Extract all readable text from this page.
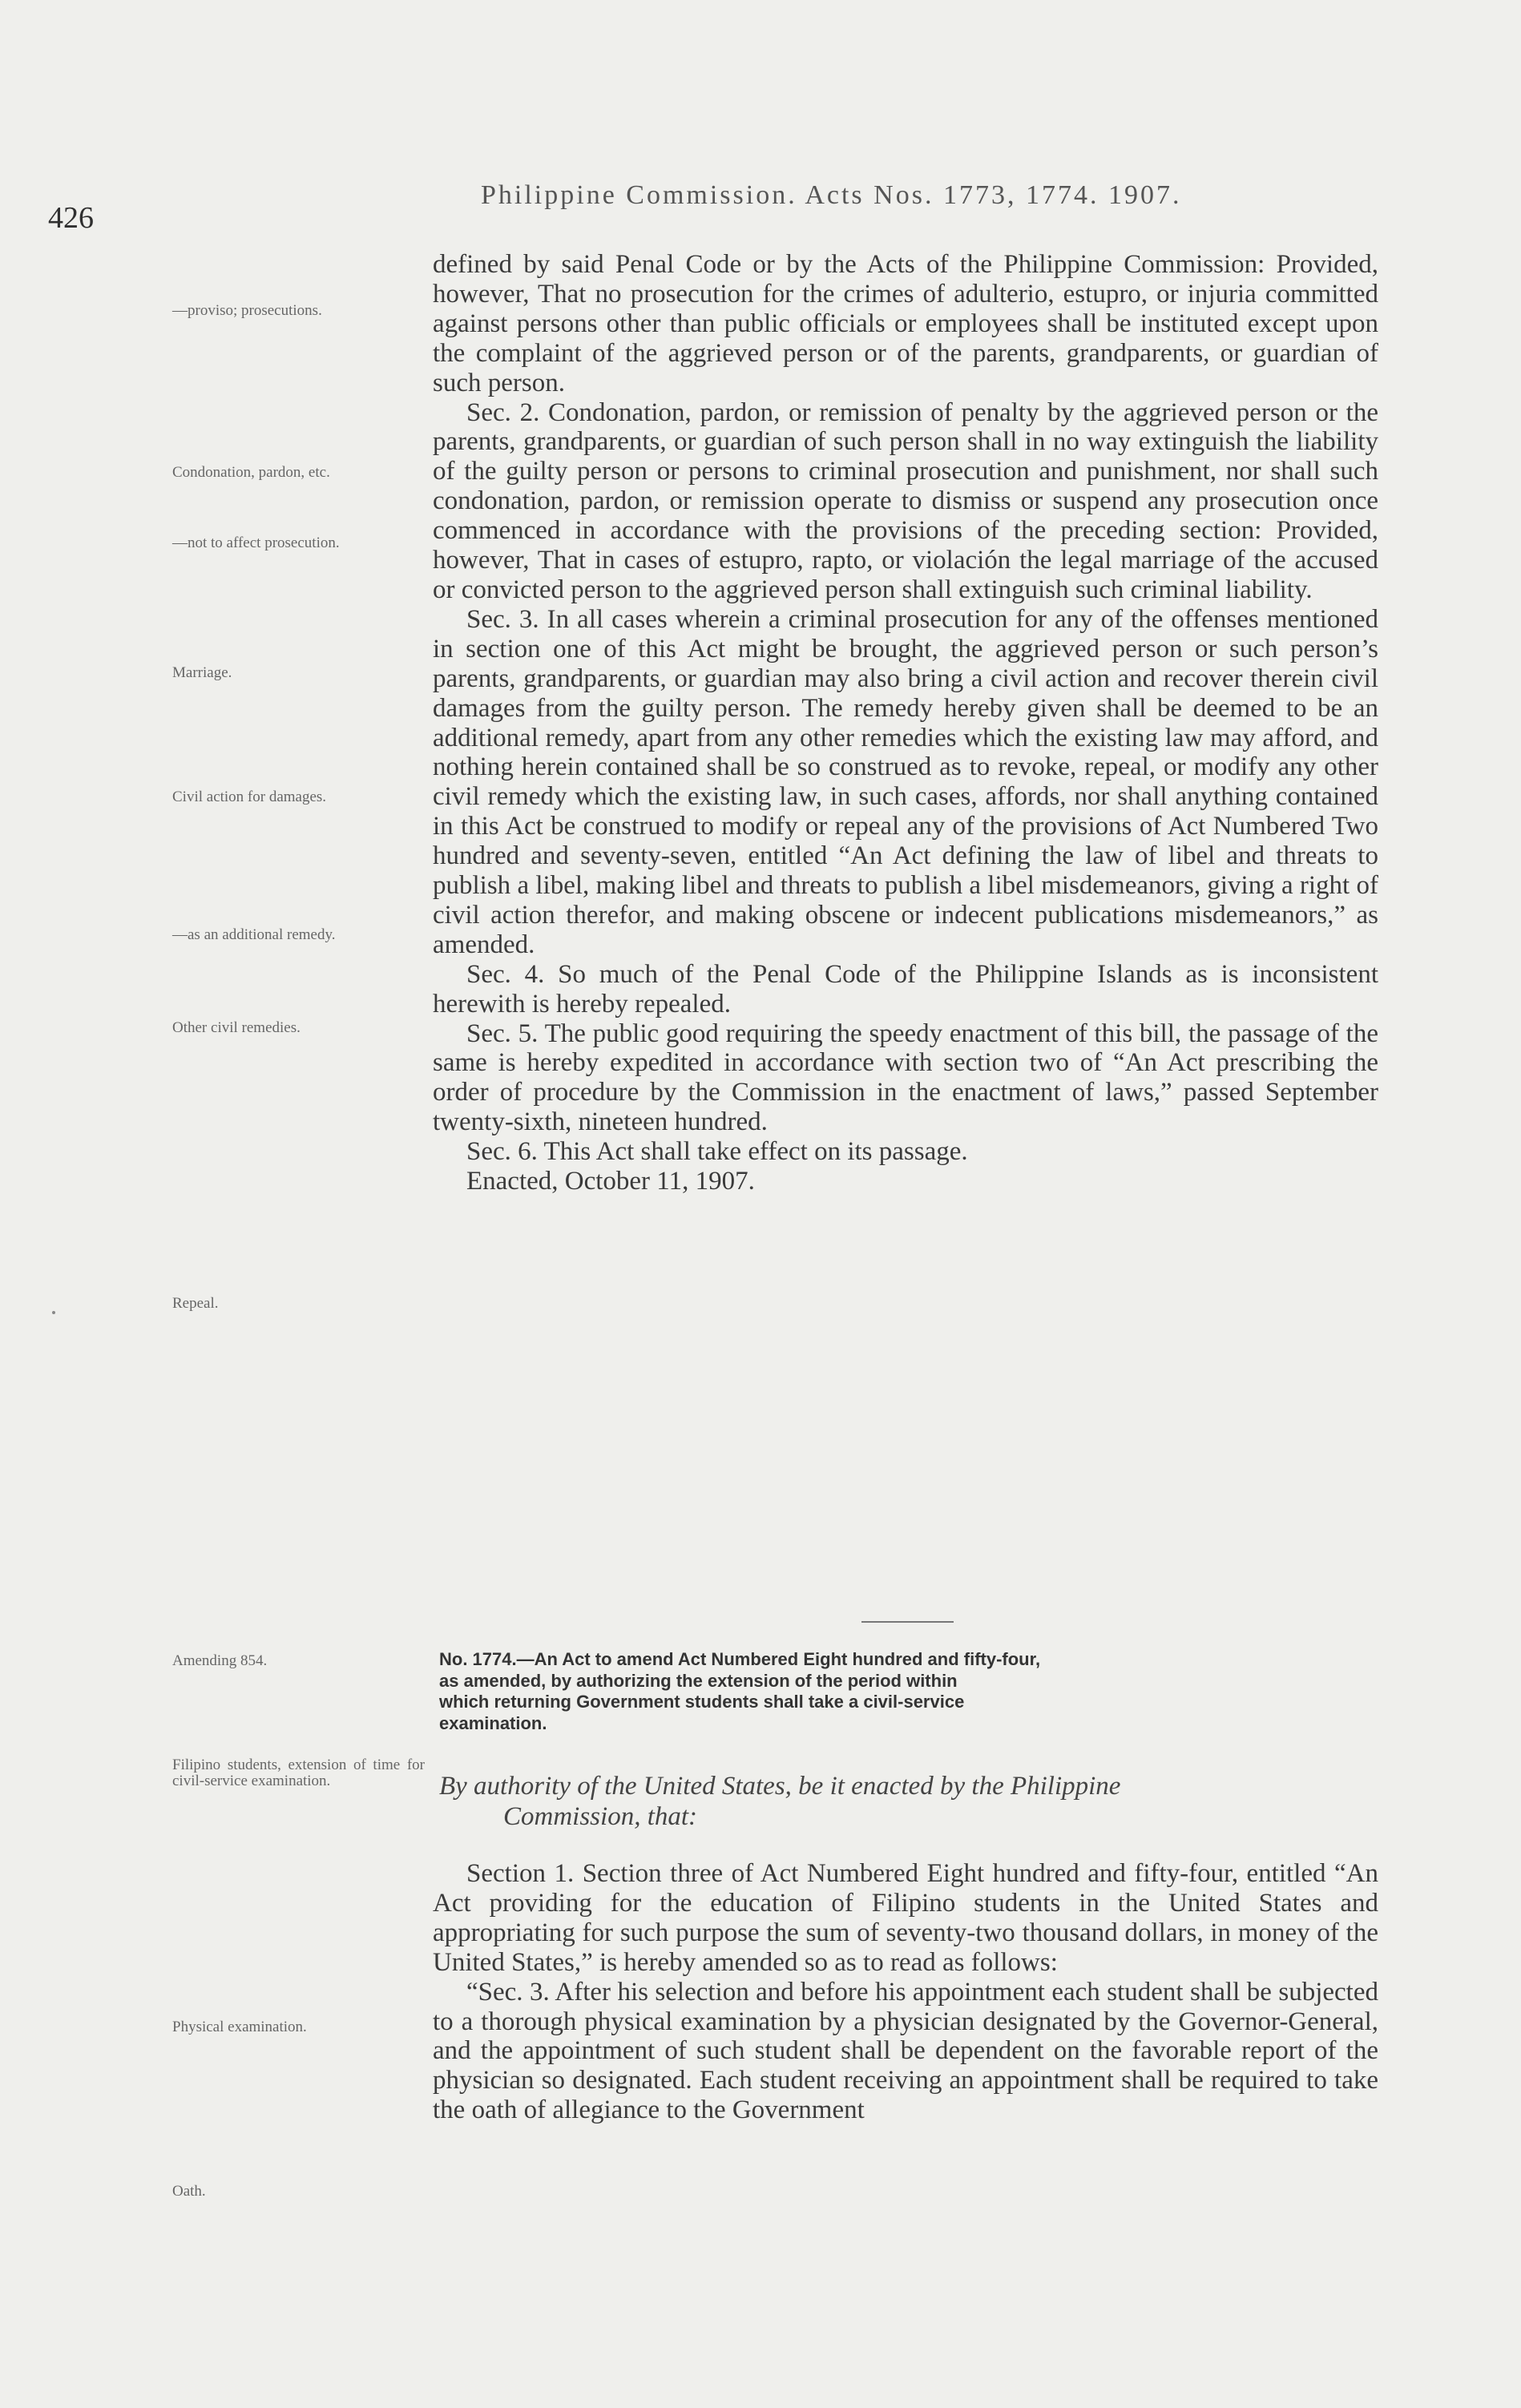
426
Philippine Commission. Acts Nos. 1773, 1774. 1907.
—proviso; prosecutions.
Condonation, pardon, etc.
—not to affect prosecution.
Marriage.
Civil action for damages.
—as an additional remedy.
Other civil remedies.
Repeal.
Amending 854.
Filipino students, extension of time for civil-service examination.
Physical examination.
Oath.

defined by said Penal Code or by the Acts of the Philippine Commission: Provided, however, That no prosecution for the crimes of adulterio, estupro, or injuria committed against persons other than public officials or employees shall be instituted except upon the complaint of the aggrieved person or of the parents, grandparents, or guardian of such person.

Sec. 2. Condonation, pardon, or remission of penalty by the aggrieved person or the parents, grandparents, or guardian of such person shall in no way extinguish the liability of the guilty person or persons to criminal prosecution and punishment, nor shall such condonation, pardon, or remission operate to dismiss or suspend any prosecution once commenced in accordance with the provisions of the preceding section: Provided, however, That in cases of estupro, rapto, or violación the legal marriage of the accused or convicted person to the aggrieved person shall extinguish such criminal liability.

Sec. 3. In all cases wherein a criminal prosecution for any of the offenses mentioned in section one of this Act might be brought, the aggrieved person or such person’s parents, grandparents, or guardian may also bring a civil action and recover therein civil damages from the guilty person. The remedy hereby given shall be deemed to be an additional remedy, apart from any other remedies which the existing law may afford, and nothing herein contained shall be so construed as to revoke, repeal, or modify any other civil remedy which the existing law, in such cases, affords, nor shall anything contained in this Act be construed to modify or repeal any of the provisions of Act Numbered Two hundred and seventy-seven, entitled “An Act defining the law of libel and threats to publish a libel, making libel and threats to publish a libel misdemeanors, giving a right of civil action therefor, and making obscene or indecent publications misdemeanors,” as amended.

Sec. 4. So much of the Penal Code of the Philippine Islands as is inconsistent herewith is hereby repealed.

Sec. 5. The public good requiring the speedy enactment of this bill, the passage of the same is hereby expedited in accordance with section two of “An Act prescribing the order of procedure by the Commission in the enactment of laws,” passed September twenty-sixth, nineteen hundred.

Sec. 6. This Act shall take effect on its passage.

Enacted, October 11, 1907.

No. 1774.—An Act to amend Act Numbered Eight hundred and fifty-four,
as amended, by authorizing the extension of the period within
which returning Government students shall take a civil-service
examination.
By authority of the United States, be it enacted by the Philippine
Commission, that:

Section 1. Section three of Act Numbered Eight hundred and fifty-four, entitled “An Act providing for the education of Filipino students in the United States and appropriating for such purpose the sum of seventy-two thousand dollars, in money of the United States,” is hereby amended so as to read as follows:

“Sec. 3. After his selection and before his appointment each student shall be subjected to a thorough physical examination by a physician designated by the Governor-General, and the appointment of such student shall be dependent on the favorable report of the physician so designated. Each student receiving an appointment shall be required to take the oath of allegiance to the Government
